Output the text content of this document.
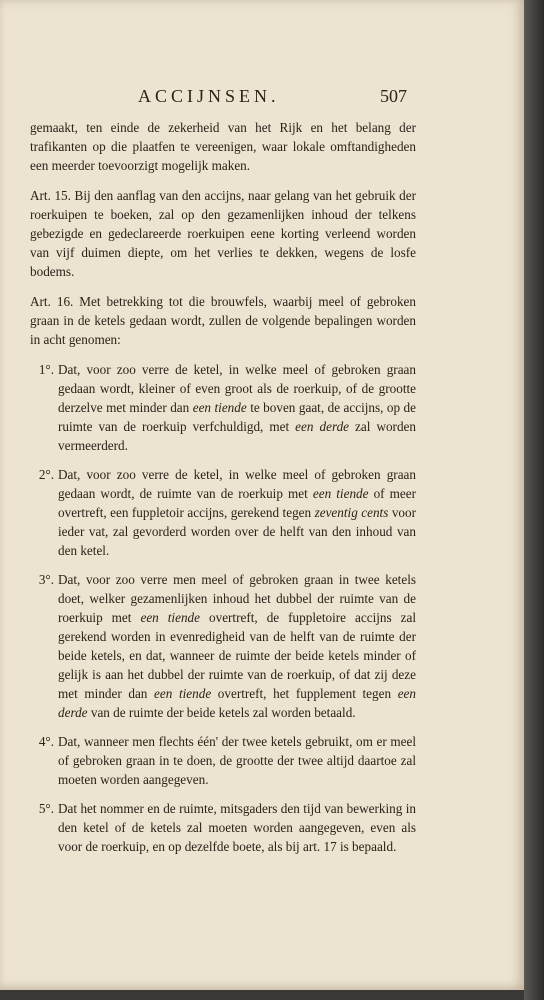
ACCIJNSEN.	507

gemaakt, ten einde de zekerheid van het Rijk en het belang der trafikanten op die plaatfen te vereenigen, waar lokale omftandigheden een meerder toevoorzigt mogelijk maken.

Art. 15. Bij den aanflag van den accijns, naar gelang van het gebruik der roerkuipen te boeken, zal op den gezamenlijken inhoud der telkens gebezigde en gedeclareerde roerkuipen eene korting verleend worden van vijf duimen diepte, om het verlies te dekken, wegens de losfe bodems.

Art. 16. Met betrekking tot die brouwfels, waarbij meel of gebroken graan in de ketels gedaan wordt, zullen de volgende bepalingen worden in acht genomen:

1°. Dat, voor zoo verre de ketel, in welke meel of gebroken graan gedaan wordt, kleiner of even groot als de roerkuip, of de grootte derzelve met minder dan een tiende te boven gaat, de accijns, op de ruimte van de roerkuip verfchuldigd, met een derde zal worden vermeerderd.

2°. Dat, voor zoo verre de ketel, in welke meel of gebroken graan gedaan wordt, de ruimte van de roerkuip met een tiende of meer overtreft, een fuppletoir accijns, gerekend tegen zeventig cents voor ieder vat, zal gevorderd worden over de helft van den inhoud van den ketel.

3°. Dat, voor zoo verre men meel of gebroken graan in twee ketels doet, welker gezamenlijken inhoud het dubbel der ruimte van de roerkuip met een tiende overtreft, de fuppletoire accijns zal gerekend worden in evenredigheid van de helft van de ruimte der beide ketels, en dat, wanneer de ruimte der beide ketels minder of gelijk is aan het dubbel der ruimte van de roerkuip, of dat zij deze met minder dan een tiende overtreft, het fupplement tegen een derde van de ruimte der beide ketels zal worden betaald.

4°. Dat, wanneer men flechts één' der twee ketels gebruikt, om er meel of gebroken graan in te doen, de grootte der twee altijd daartoe zal moeten worden aangegeven.

5°. Dat het nommer en de ruimte, mitsgaders den tijd van bewerking in den ketel of de ketels zal moeten worden aangegeven, even als voor de roerkuip, en op dezelfde boete, als bij art. 17 is bepaald.
